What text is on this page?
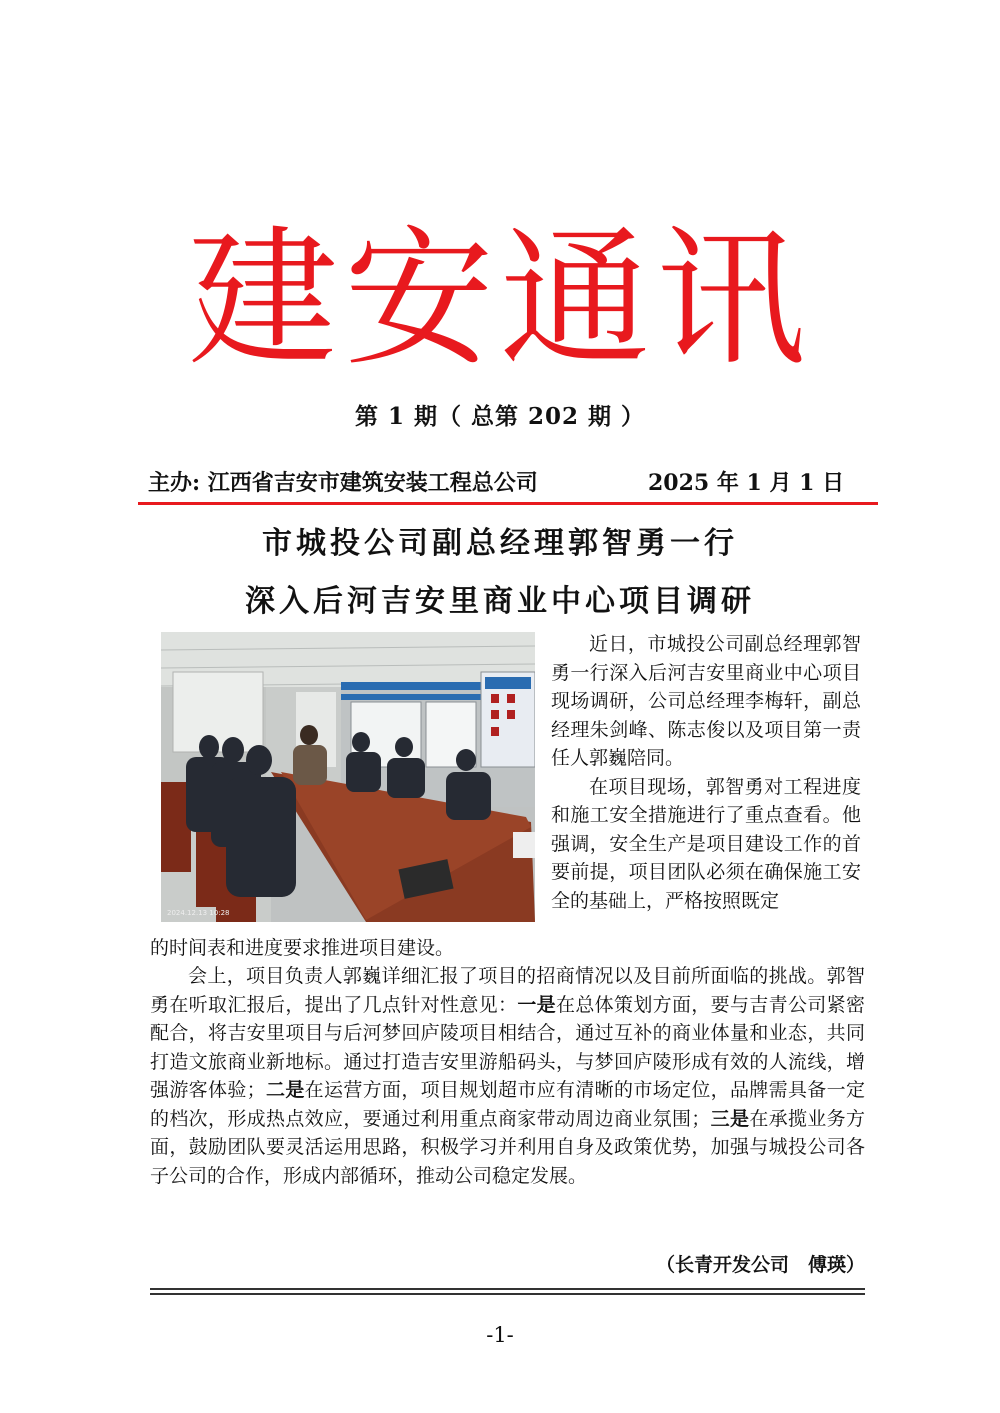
建安通讯
第 1 期（ 总第 202 期 ）
主办: 江西省吉安市建筑安装工程总公司	2025 年 1 月 1 日
市城投公司副总经理郭智勇一行
深入后河吉安里商业中心项目调研
2024.12.13 10:28

近日，市城投公司副总经理郭智勇一行深入后河吉安里商业中心项目现场调研，公司总经理李梅轩，副总经理朱剑峰、陈志俊以及项目第一责任人郭巍陪同。

在项目现场，郭智勇对工程进度和施工安全措施进行了重点查看。他强调，安全生产是项目建设工作的首要前提，项目团队必须在确保施工安全的基础上，严格按照既定

的时间表和进度要求推进项目建设。

会上，项目负责人郭巍详细汇报了项目的招商情况以及目前所面临的挑战。郭智勇在听取汇报后，提出了几点针对性意见：一是在总体策划方面，要与吉青公司紧密配合，将吉安里项目与后河梦回庐陵项目相结合，通过互补的商业体量和业态，共同打造文旅商业新地标。通过打造吉安里游船码头，与梦回庐陵形成有效的人流线，增强游客体验；二是在运营方面，项目规划超市应有清晰的市场定位，品牌需具备一定的档次，形成热点效应，要通过利用重点商家带动周边商业氛围；三是在承揽业务方面，鼓励团队要灵活运用思路，积极学习并利用自身及政策优势，加强与城投公司各子公司的合作，形成内部循环，推动公司稳定发展。

（长青开发公司　傅瑛）
-1-
